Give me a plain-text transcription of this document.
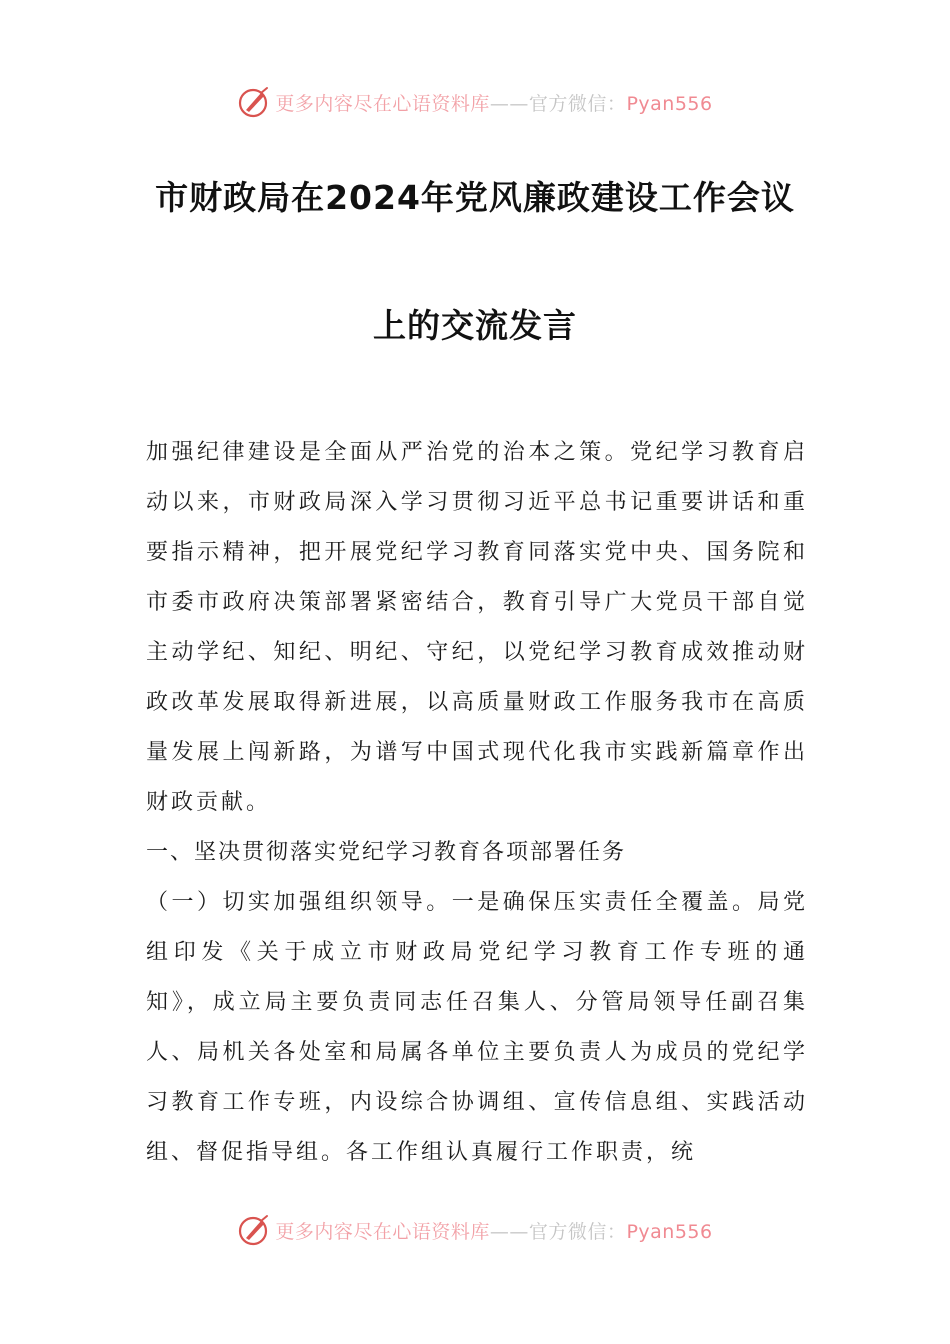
更多内容尽在心语资料库——官方微信：Pyan556
市财政局在2024年党风廉政建设工作会议
上的交流发言

加强纪律建设是全面从严治党的治本之策。党纪学习教育启动以来，市财政局深入学习贯彻习近平总书记重要讲话和重要指示精神，把开展党纪学习教育同落实党中央、国务院和市委市政府决策部署紧密结合，教育引导广大党员干部自觉主动学纪、知纪、明纪、守纪，以党纪学习教育成效推动财政改革发展取得新进展，以高质量财政工作服务我市在高质量发展上闯新路，为谱写中国式现代化我市实践新篇章作出财政贡献。

一、坚决贯彻落实党纪学习教育各项部署任务

（一）切实加强组织领导。一是确保压实责任全覆盖。局党组印发《关于成立市财政局党纪学习教育工作专班的通知》，成立局主要负责同志任召集人、分管局领导任副召集人、局机关各处室和局属各单位主要负责人为成员的党纪学习教育工作专班，内设综合协调组、宣传信息组、实践活动组、督促指导组。各工作组认真履行工作职责，统

更多内容尽在心语资料库——官方微信：Pyan556
